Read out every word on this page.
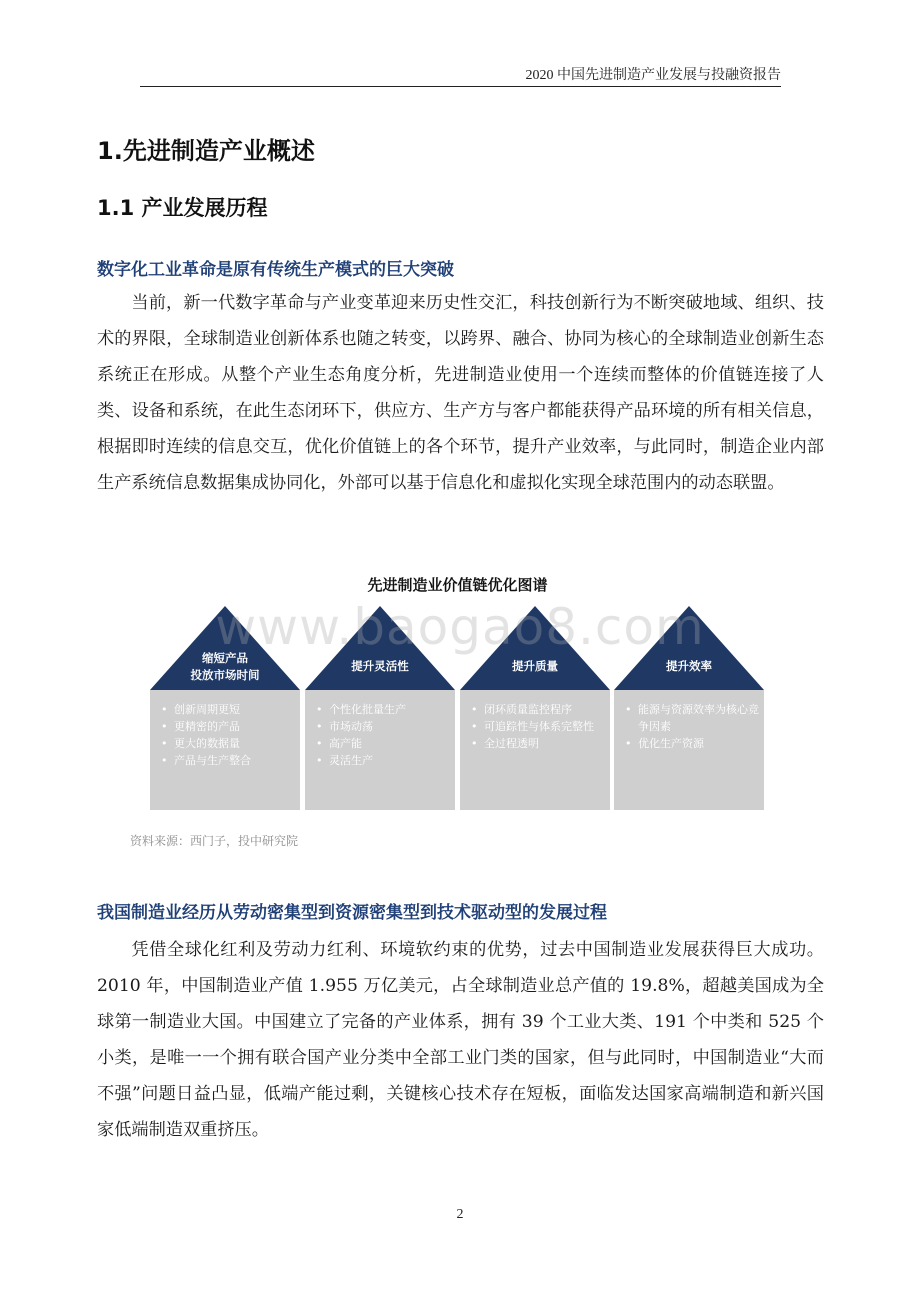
2020 中国先进制造产业发展与投融资报告
1.先进制造产业概述
1.1 产业发展历程
数字化工业革命是原有传统生产模式的巨大突破
当前，新一代数字革命与产业变革迎来历史性交汇，科技创新行为不断突破地域、组织、技术的界限，全球制造业创新体系也随之转变，以跨界、融合、协同为核心的全球制造业创新生态系统正在形成。从整个产业生态角度分析，先进制造业使用一个连续而整体的价值链连接了人类、设备和系统，在此生态闭环下，供应方、生产方与客户都能获得产品环境的所有相关信息，根据即时连续的信息交互，优化价值链上的各个环节，提升产业效率，与此同时，制造企业内部生产系统信息数据集成协同化，外部可以基于信息化和虚拟化实现全球范围内的动态联盟。
先进制造业价值链优化图谱
缩短产品
投放市场时间
• 创新周期更短
• 更精密的产品
• 更大的数据量
• 产品与生产整合
提升灵活性
• 个性化批量生产
• 市场动荡
• 高产能
• 灵活生产
提升质量
• 闭环质量监控程序
• 可追踪性与体系完整性
• 全过程透明
提升效率
• 能源与资源效率为核心竞争因素
• 优化生产资源
www.baogao8.com
资料来源：西门子，投中研究院
我国制造业经历从劳动密集型到资源密集型到技术驱动型的发展过程
凭借全球化红利及劳动力红利、环境软约束的优势，过去中国制造业发展获得巨大成功。2010 年，中国制造业产值 1.955 万亿美元，占全球制造业总产值的 19.8%，超越美国成为全球第一制造业大国。中国建立了完备的产业体系，拥有 39 个工业大类、191 个中类和 525 个小类，是唯一一个拥有联合国产业分类中全部工业门类的国家，但与此同时，中国制造业“大而不强”问题日益凸显，低端产能过剩，关键核心技术存在短板，面临发达国家高端制造和新兴国家低端制造双重挤压。
2
